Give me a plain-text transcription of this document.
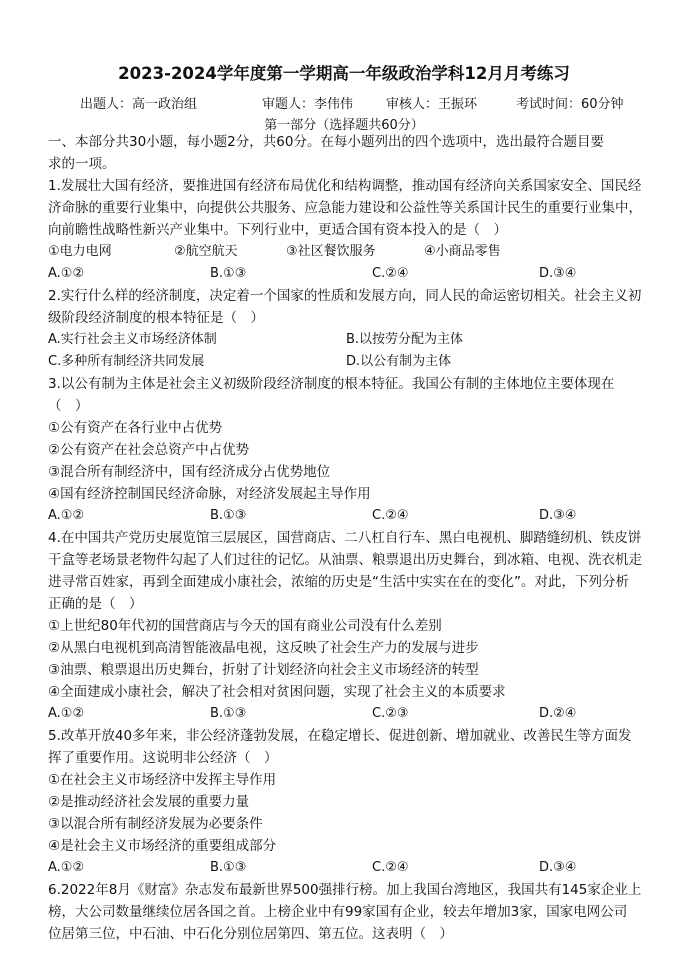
2023-2024学年度第一学期高一年级政治学科12月月考练习
出题人：高一政治组	审题人：李伟伟	审核人：王振环	考试时间：60分钟
第一部分（选择题共60分）
一、本部分共30小题，每小题2分，共60分。在每小题列出的四个选项中，选出最符合题目要
求的一项。
1.发展壮大国有经济，要推进国有经济布局优化和结构调整，推动国有经济向关系国家安全、国民经
济命脉的重要行业集中，向提供公共服务、应急能力建设和公益性等关系国计民生的重要行业集中，
向前瞻性战略性新兴产业集中。下列行业中，更适合国有资本投入的是（　）
①电力电网	②航空航天	③社区餐饮服务	④小商品零售
A.①②	B.①③	C.②④	D.③④
2.实行什么样的经济制度，决定着一个国家的性质和发展方向，同人民的命运密切相关。社会主义初
级阶段经济制度的根本特征是（　）
A.实行社会主义市场经济体制	B.以按劳分配为主体
C.多种所有制经济共同发展	D.以公有制为主体
3.以公有制为主体是社会主义初级阶段经济制度的根本特征。我国公有制的主体地位主要体现在
（　）
①公有资产在各行业中占优势
②公有资产在社会总资产中占优势
③混合所有制经济中，国有经济成分占优势地位
④国有经济控制国民经济命脉，对经济发展起主导作用
A.①②	B.①③	C.②④	D.③④
4.在中国共产党历史展览馆三层展区，国营商店、二八杠自行车、黑白电视机、脚踏缝纫机、铁皮饼
干盒等老场景老物件勾起了人们过往的记忆。从油票、粮票退出历史舞台，到冰箱、电视、洗衣机走
进寻常百姓家，再到全面建成小康社会，浓缩的历史是“生活中实实在在的变化”。对此，下列分析
正确的是（　）
①上世纪80年代初的国营商店与今天的国有商业公司没有什么差别
②从黑白电视机到高清智能液晶电视，这反映了社会生产力的发展与进步
③油票、粮票退出历史舞台，折射了计划经济向社会主义市场经济的转型
④全面建成小康社会，解决了社会相对贫困问题，实现了社会主义的本质要求
A.①②	B.①③	C.②③	D.②④
5.改革开放40多年来，非公经济蓬勃发展，在稳定增长、促进创新、增加就业、改善民生等方面发
挥了重要作用。这说明非公经济（　）
①在社会主义市场经济中发挥主导作用
②是推动经济社会发展的重要力量
③以混合所有制经济发展为必要条件
④是社会主义市场经济的重要组成部分
A.①②	B.①③	C.②④	D.③④
6.2022年8月《财富》杂志发布最新世界500强排行榜。加上我国台湾地区，我国共有145家企业上
榜，大公司数量继续位居各国之首。上榜企业中有99家国有企业，较去年增加3家，国家电网公司
位居第三位，中石油、中石化分别位居第四、第五位。这表明（　）
